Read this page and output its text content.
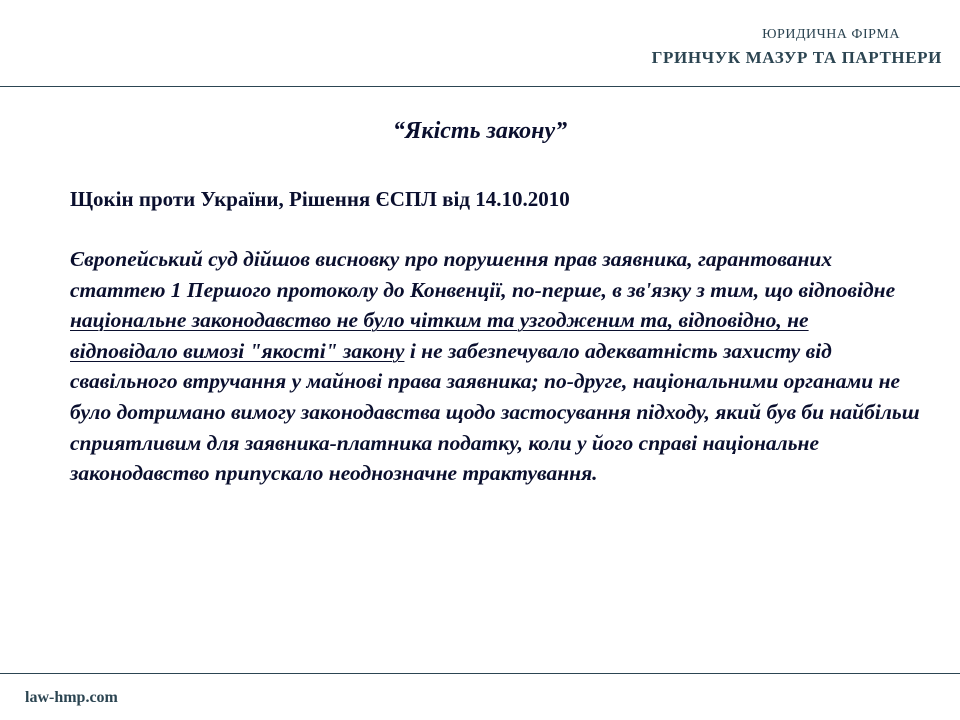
ЮРИДИЧНА ФІРМА
ГРИНЧУК МАЗУР ТА ПАРТНЕРИ
“Якість закону”
Щокін проти України, Рішення ЄСПЛ від 14.10.2010

Європейський суд дійшов висновку про порушення прав заявника, гарантованих статтею 1 Першого протоколу до Конвенції, по-перше, в зв'язку з тим, що відповідне національне законодавство не було чітким та узгодженим та, відповідно, не відповідало вимозі "якості" закону і не забезпечувало адекватність захисту від свавільного втручання у майнові права заявника; по-друге, національними органами не було дотримано вимогу законодавства щодо застосування підходу, який був би найбільш сприятливим для заявника-платника податку, коли у його справі національне законодавство припускало неоднозначне трактування.

law-hmp.com
